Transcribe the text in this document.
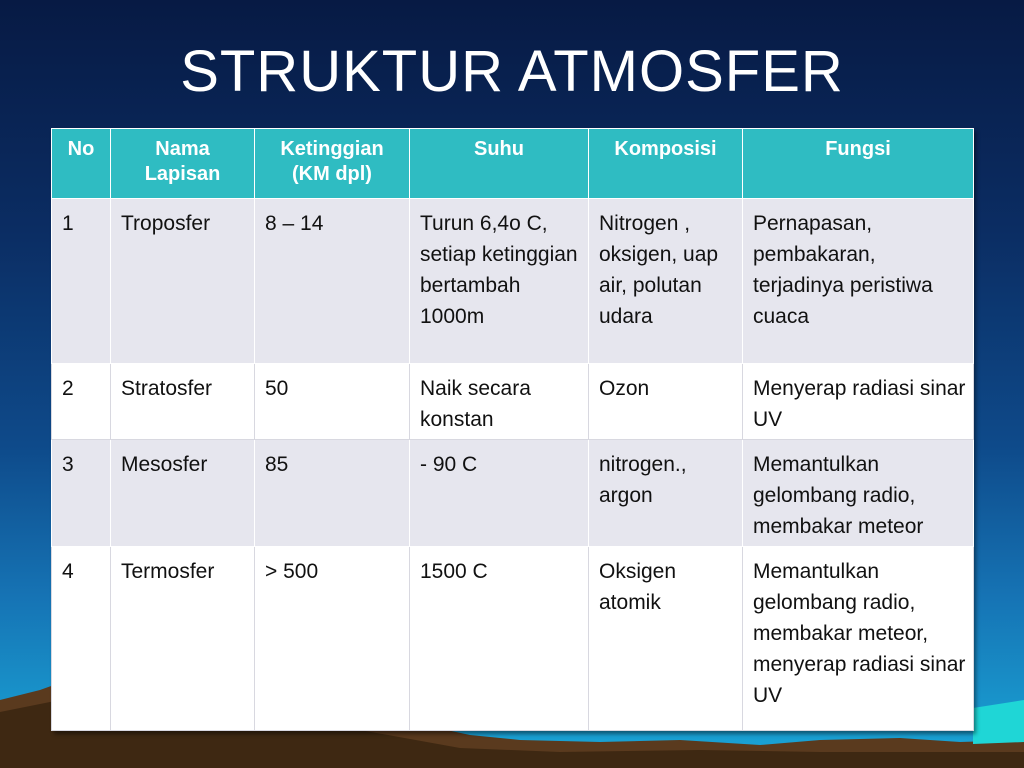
STRUKTUR ATMOSFER
No	Nama Lapisan	Ketinggian (KM dpl)	Suhu	Komposisi	Fungsi
1	Troposfer	8 – 14	Turun 6,4o C, setiap ketinggian bertambah 1000m	Nitrogen , oksigen, uap air, polutan udara	Pernapasan, pembakaran, terjadinya peristiwa cuaca
2	Stratosfer	50	Naik secara konstan	Ozon	Menyerap radiasi sinar UV
3	Mesosfer	85	- 90 C	nitrogen., argon	Memantulkan gelombang radio, membakar meteor
4	Termosfer	> 500	1500 C	Oksigen atomik	Memantulkan gelombang radio, membakar meteor, menyerap radiasi sinar UV
